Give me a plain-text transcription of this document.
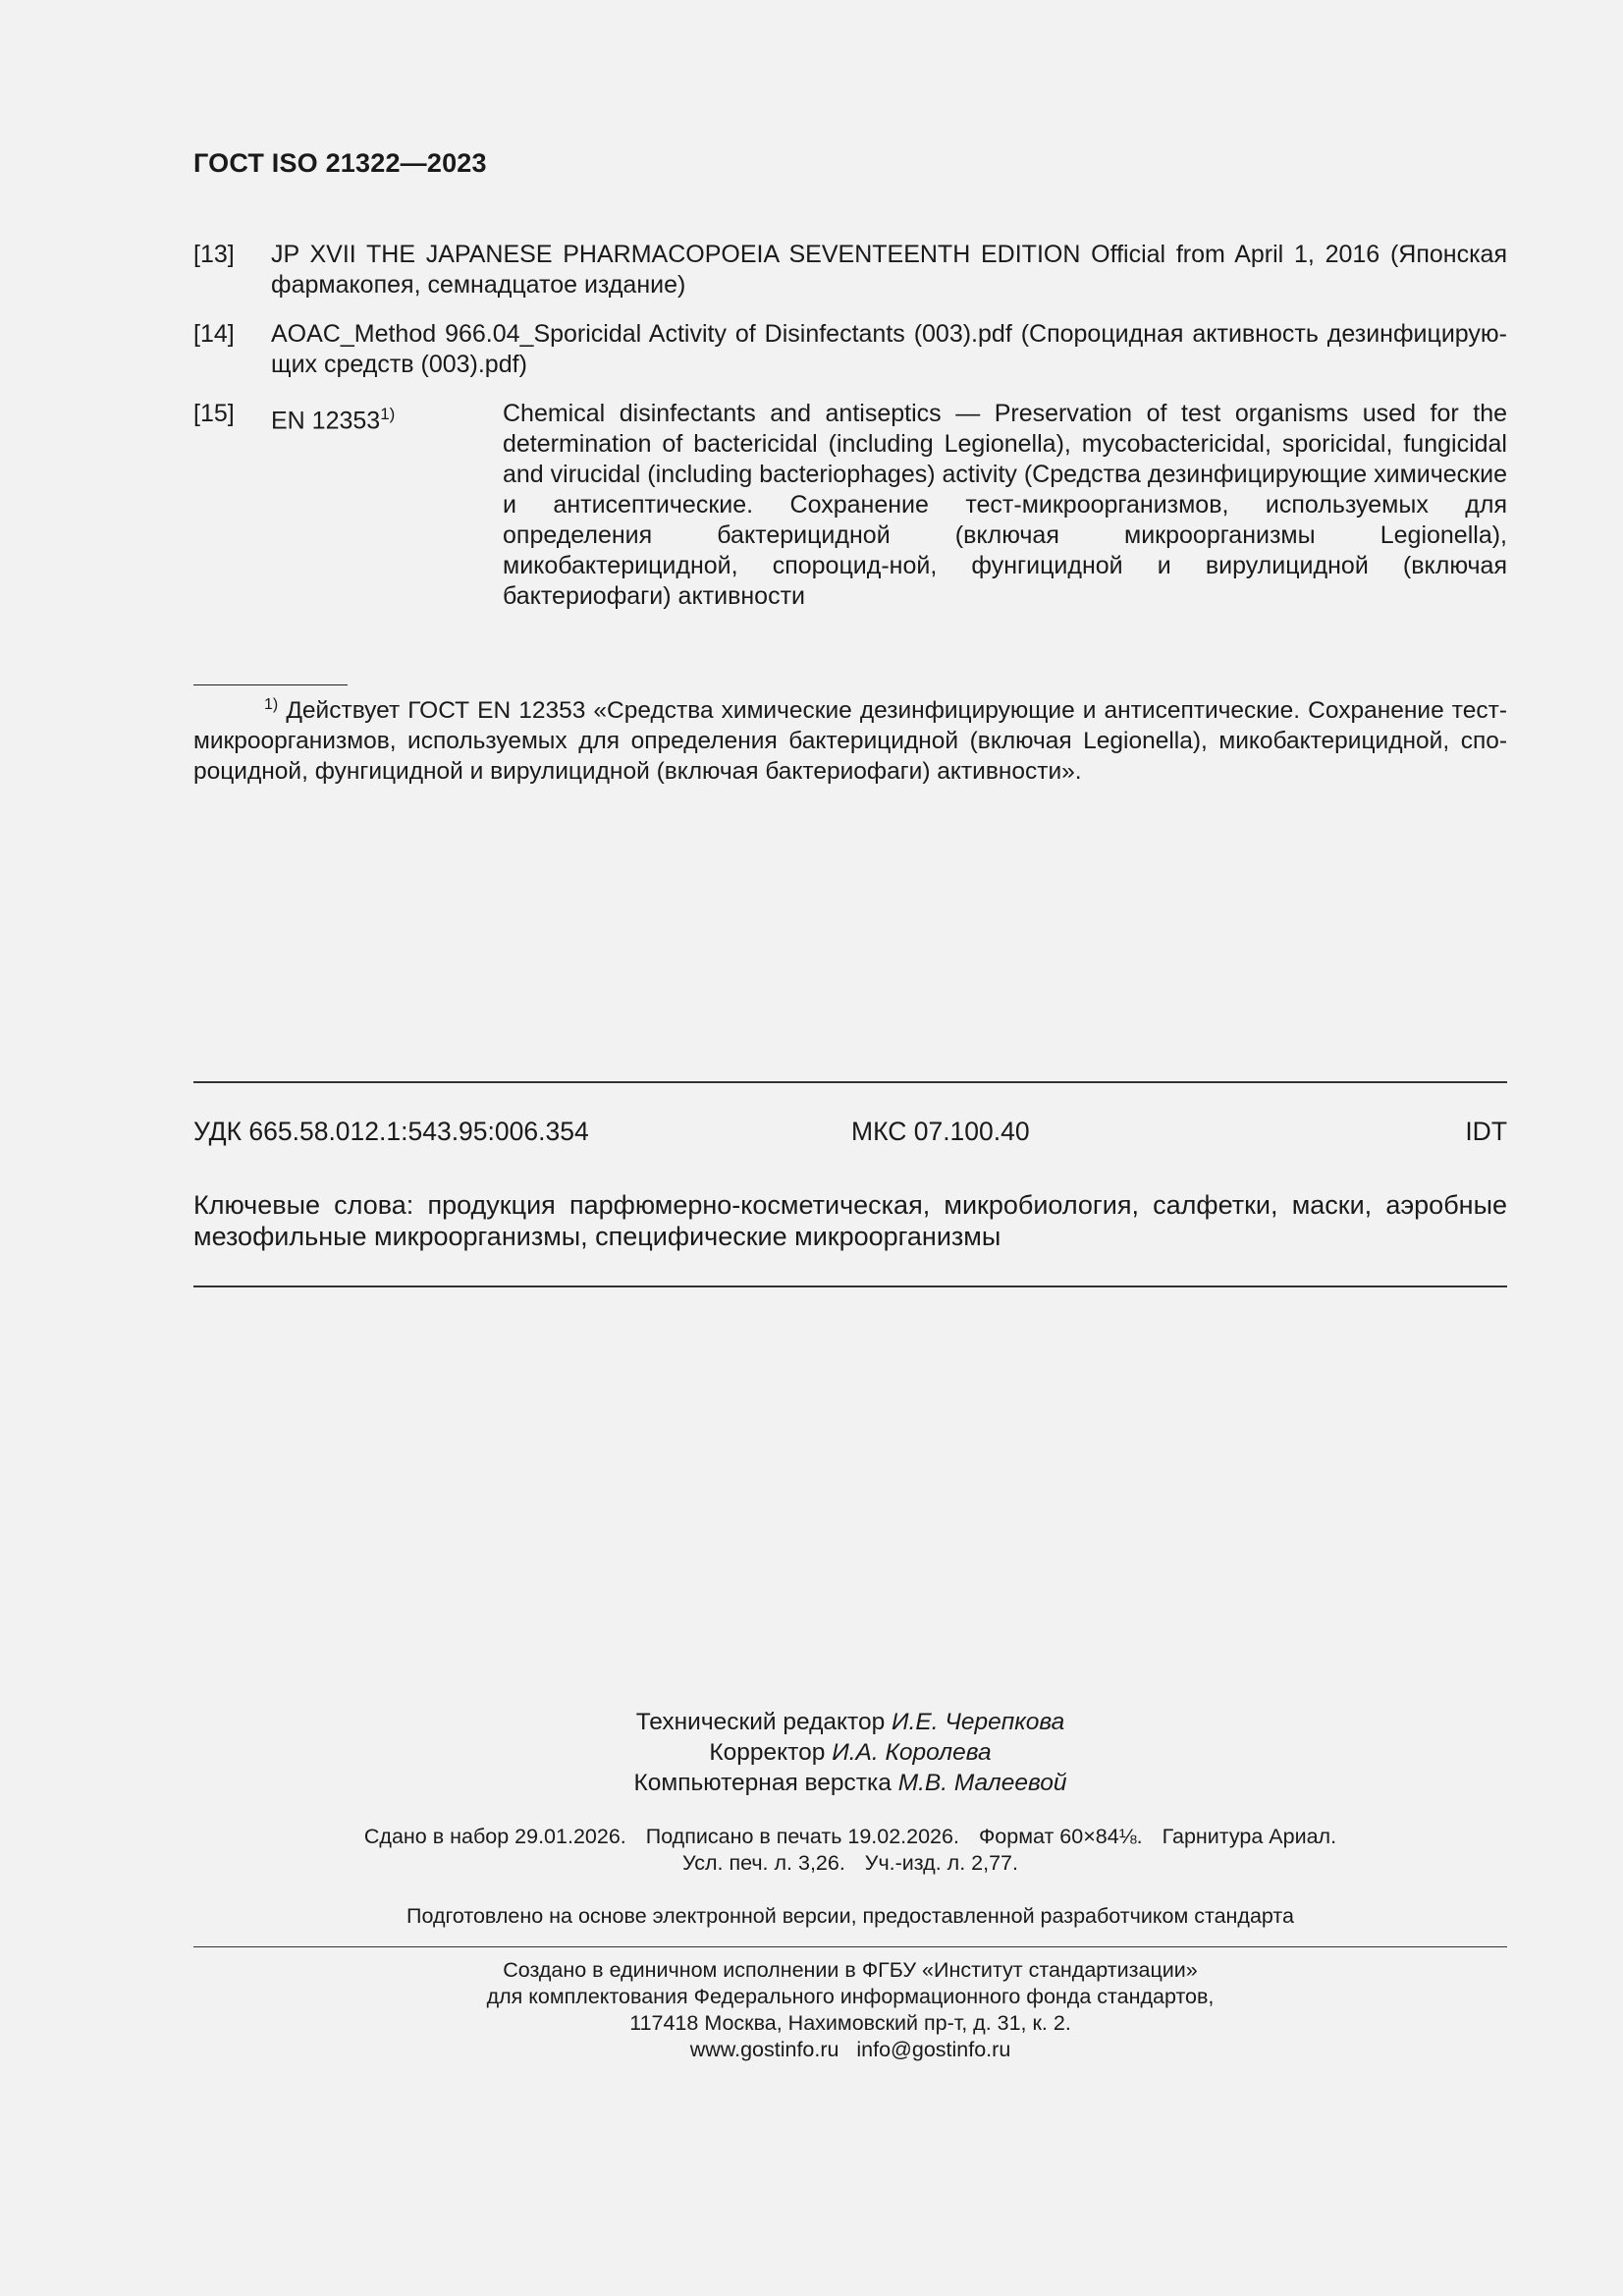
ГОСТ ISO 21322—2023
[13] JP XVII THE JAPANESE PHARMACOPOEIA SEVENTEENTH EDITION Official from April 1, 2016 (Японская фармакопея, семнадцатое издание)
[14] AOAC_Method 966.04_Sporicidal Activity of Disinfectants (003).pdf (Спороцидная активность дезинфицирую-щих средств (003).pdf)
[15] EN 12353$^{1)}$	Chemical disinfectants and antiseptics — Preservation of test organisms used for the determination of bactericidal (including Legionella), mycobactericidal, sporicidal, fungicidal and virucidal (including bacteriophages) activity (Средства дезинфицирующие химические и антисептические. Сохранение тест-микроорганизмов, используемых для определения бактерицидной (включая микроорганизмы Legionella), микобактерицидной, спороцид-ной, фунгицидной и вирулицидной (включая бактериофаги) активности
$^{1)}$ Действует ГОСТ EN 12353 «Средства химические дезинфицирующие и антисептические. Сохранение тест-микроорганизмов, используемых для определения бактерицидной (включая Legionella), микобактерицидной, спо-роцидной, фунгицидной и вирулицидной (включая бактериофаги) активности».
УДК 665.58.012.1:543.95:006.354	МКС 07.100.40	IDT
Ключевые слова: продукция парфюмерно-косметическая, микробиология, салфетки, маски, аэробные мезофильные микроорганизмы, специфические микроорганизмы
Технический редактор И.Е. Черепкова
Корректор И.А. Королева
Компьютерная верстка М.В. Малеевой
Сдано в набор 29.01.2026. Подписано в печать 19.02.2026. Формат 60×84⅛. Гарнитура Ариал.
Усл. печ. л. 3,26. Уч.-изд. л. 2,77.
Подготовлено на основе электронной версии, предоставленной разработчиком стандарта
Создано в единичном исполнении в ФГБУ «Институт стандартизации»
для комплектования Федерального информационного фонда стандартов,
117418 Москва, Нахимовский пр-т, д. 31, к. 2.
www.gostinfo.ru info@gostinfo.ru
